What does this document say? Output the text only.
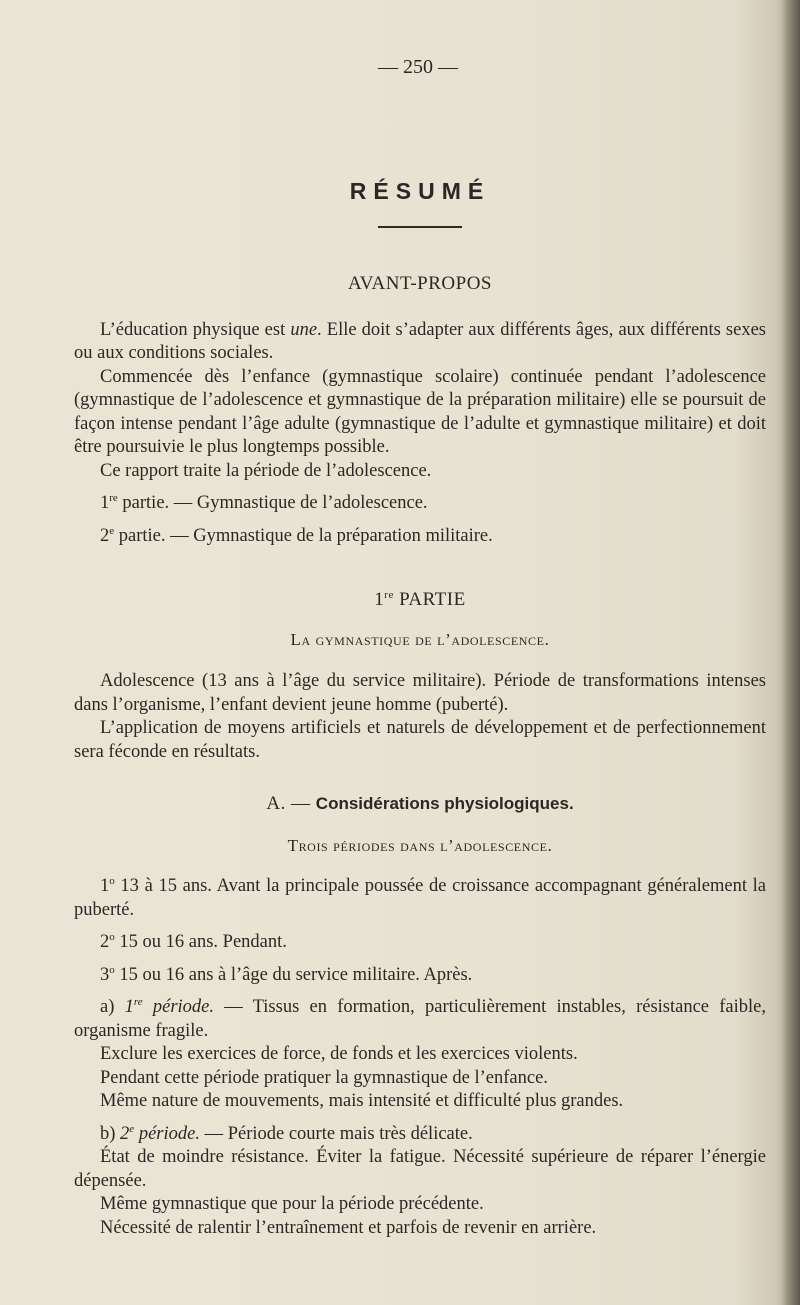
— 250 —
RÉSUMÉ
AVANT-PROPOS

L’éducation physique est une. Elle doit s’adapter aux différents âges, aux différents sexes ou aux conditions sociales.

Commencée dès l’enfance (gymnastique scolaire) continuée pendant l’adolescence (gymnastique de l’adolescence et gymnastique de la préparation militaire) elle se poursuit de façon intense pendant l’âge adulte (gymnastique de l’adulte et gymnastique militaire) et doit être poursuivie le plus longtemps possible.

Ce rapport traite la période de l’adolescence.

1re partie. — Gymnastique de l’adolescence.

2e partie. — Gymnastique de la préparation militaire.

1re PARTIE
La gymnastique de l’adolescence.

Adolescence (13 ans à l’âge du service militaire). Période de transformations intenses dans l’organisme, l’enfant devient jeune homme (puberté).

L’application de moyens artificiels et naturels de développement et de perfectionnement sera féconde en résultats.

A. — Considérations physiologiques.
Trois périodes dans l’adolescence.

1$^o$ 13 à 15 ans. Avant la principale poussée de croissance accompagnant généralement la puberté.

2$^o$ 15 ou 16 ans. Pendant.

3$^o$ 15 ou 16 ans à l’âge du service militaire. Après.

a) 1re période. — Tissus en formation, particulièrement instables, résistance faible, organisme fragile.

Exclure les exercices de force, de fonds et les exercices violents.

Pendant cette période pratiquer la gymnastique de l’enfance.

Même nature de mouvements, mais intensité et difficulté plus grandes.

b) 2e période. — Période courte mais très délicate.

État de moindre résistance. Éviter la fatigue. Nécessité supérieure de réparer l’énergie dépensée.

Même gymnastique que pour la période précédente.

Nécessité de ralentir l’entraînement et parfois de revenir en arrière.
